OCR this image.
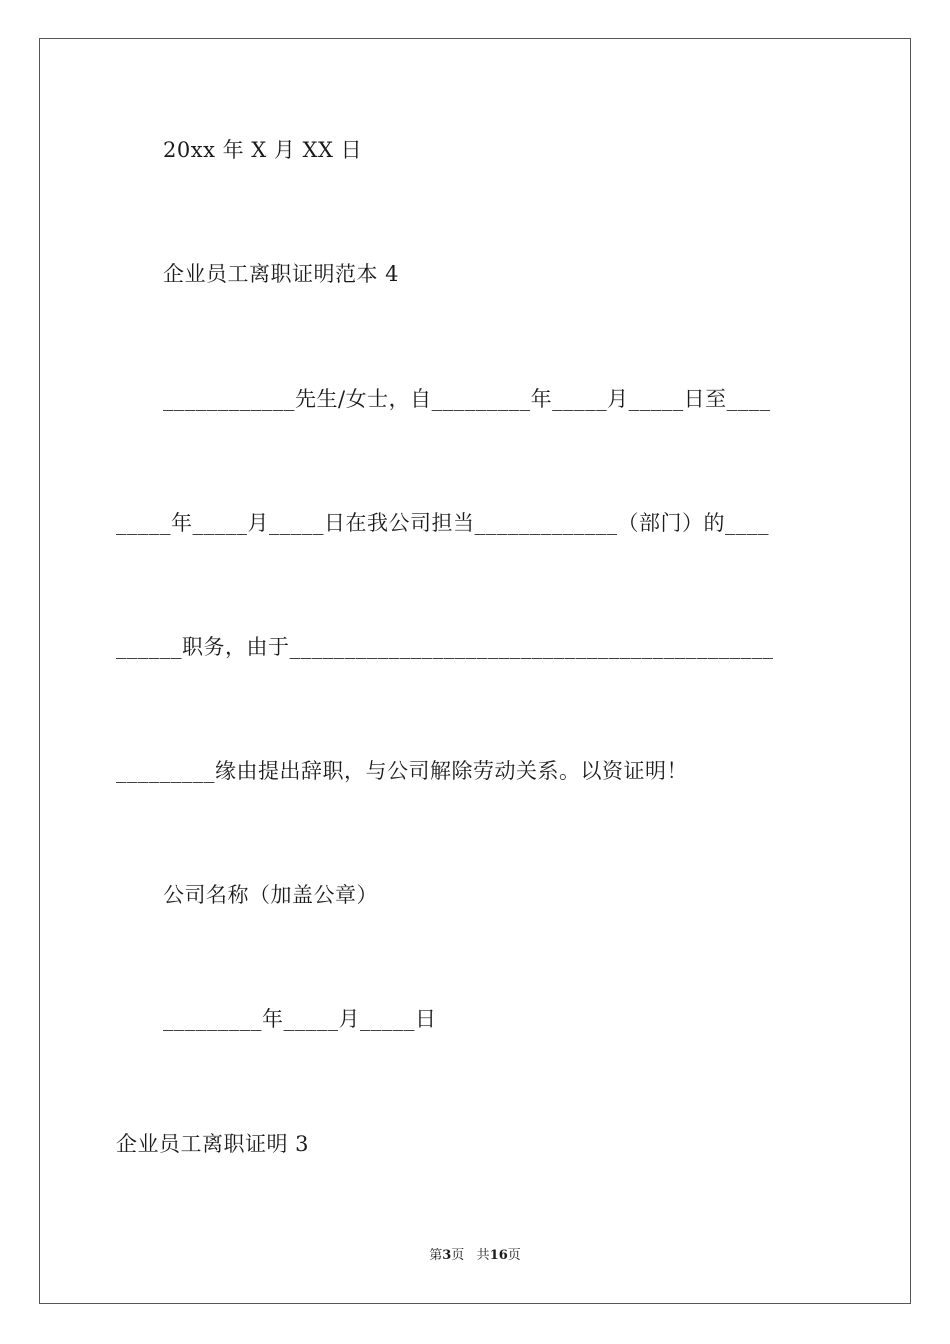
20xx 年 X 月 XX 日
企业员工离职证明范本 4
____________先生/女士，自_________年_____月_____日至____
_____年_____月_____日在我公司担当_____________（部门）的____
______职务，由于____________________________________________
_________缘由提出辞职，与公司解除劳动关系。以资证明！
公司名称（加盖公章）
_________年_____月_____日
企业员工离职证明 3
第3页 共16页
